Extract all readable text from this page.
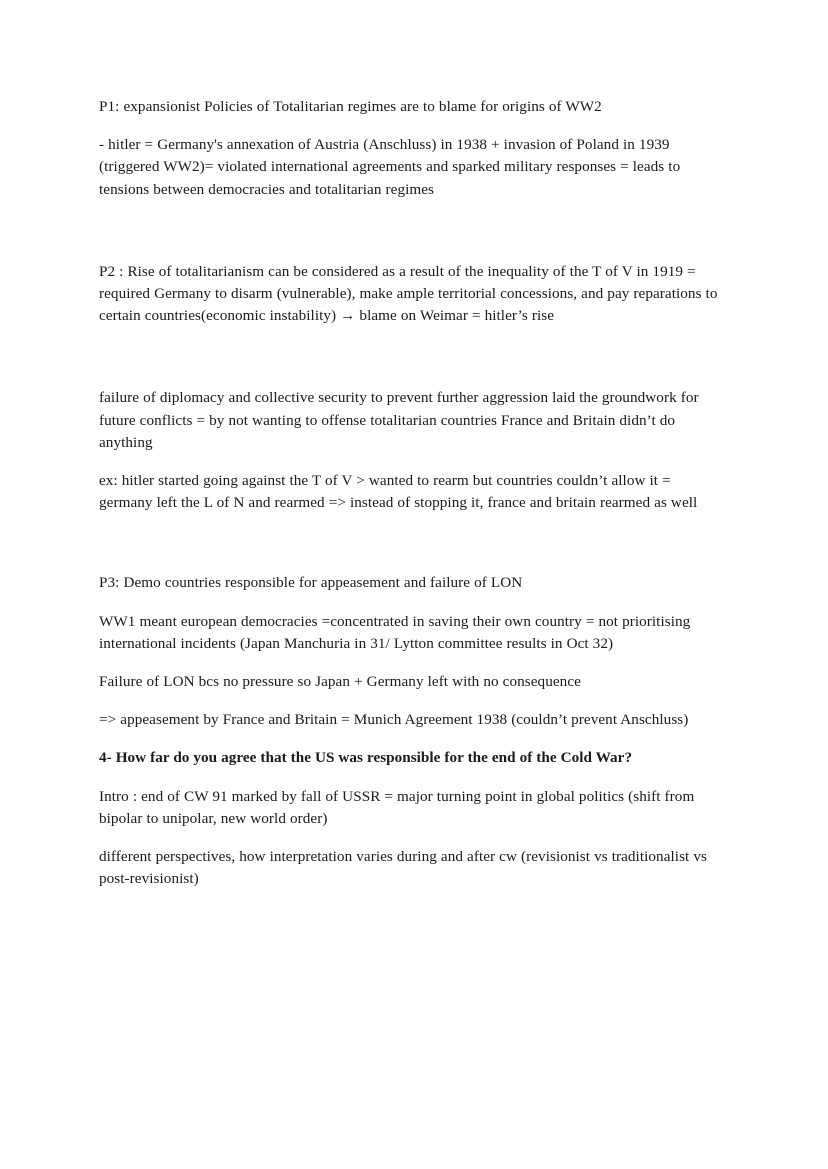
P1: expansionist Policies of Totalitarian regimes are to blame for origins of WW2

- hitler = Germany's annexation of Austria (Anschluss) in 1938 + invasion of Poland in 1939 (triggered WW2)= violated international agreements and sparked military responses = leads to tensions between democracies and totalitarian regimes

P2 : Rise of totalitarianism can be considered as a result of the inequality of the T of V in 1919 = required Germany to disarm (vulnerable), make ample territorial concessions, and pay reparations to certain countries(economic instability) → blame on Weimar = hitler’s rise

failure of diplomacy and collective security to prevent further aggression laid the groundwork for future conflicts = by not wanting to offense totalitarian countries France and Britain didn’t do anything

ex: hitler started going against the T of V > wanted to rearm but countries couldn’t allow it = germany left the L of N and rearmed => instead of stopping it, france and britain rearmed as well

P3: Demo countries responsible for appeasement and failure of LON

WW1 meant european democracies =concentrated in saving their own country = not prioritising international incidents (Japan Manchuria in 31/ Lytton committee results in Oct 32)

Failure of LON bcs no pressure so Japan + Germany left with no consequence

=> appeasement by France and Britain = Munich Agreement 1938 (couldn’t prevent Anschluss)

4- How far do you agree that the US was responsible for the end of the Cold War?

Intro : end of CW 91 marked by fall of USSR = major turning point in global politics (shift from bipolar to unipolar, new world order)

different perspectives, how interpretation varies during and after cw (revisionist vs traditionalist vs post-revisionist)
